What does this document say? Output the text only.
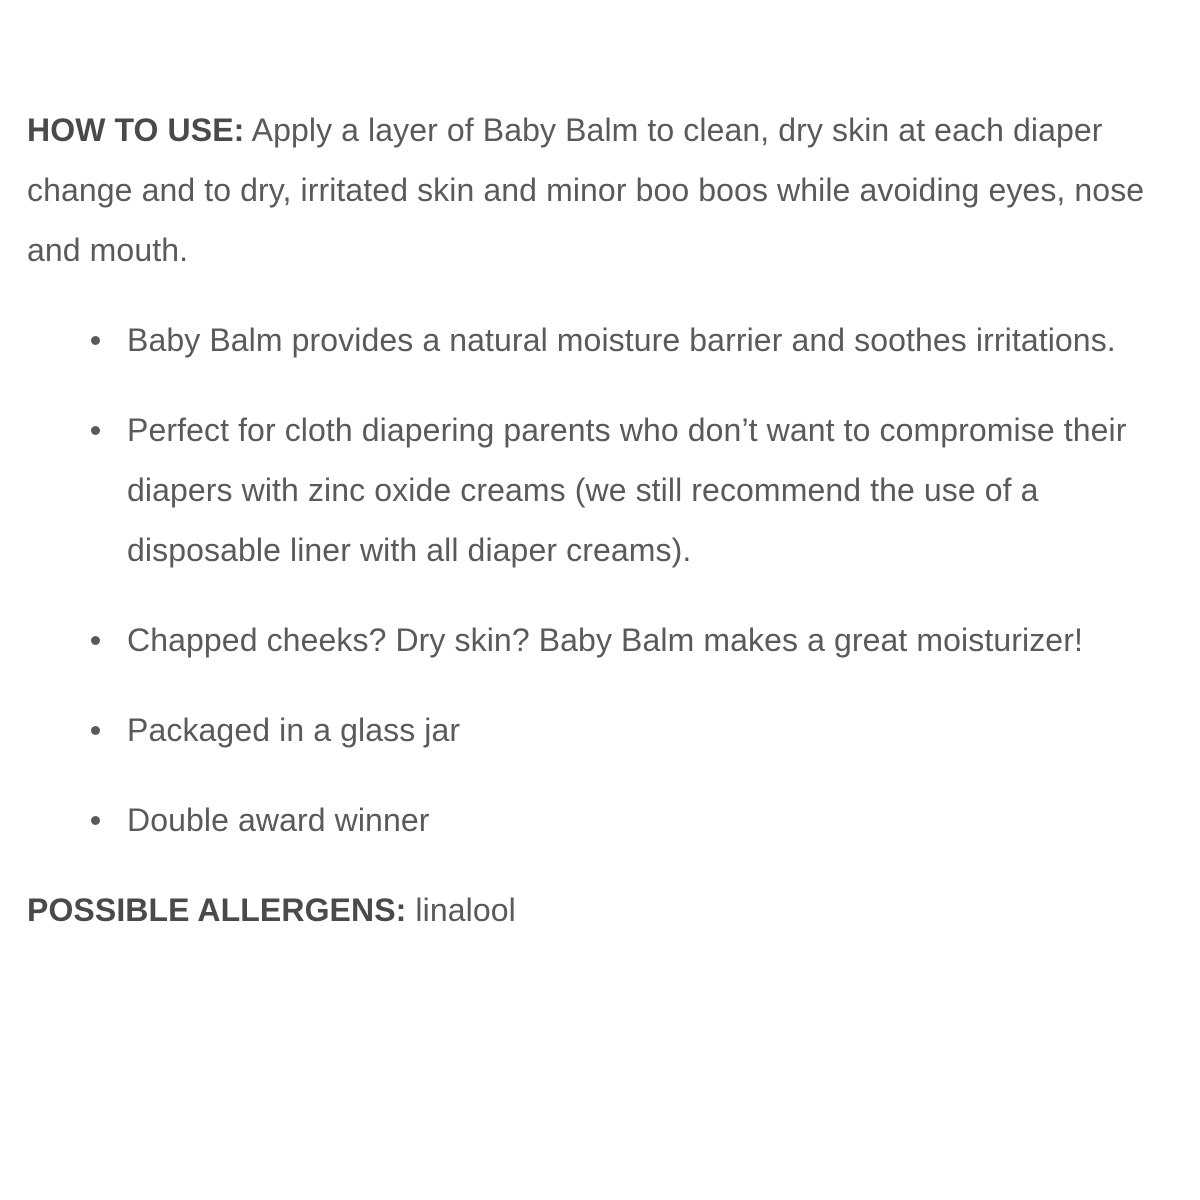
HOW TO USE: Apply a layer of Baby Balm to clean, dry skin at each diaper change and to dry, irritated skin and minor boo boos while avoiding eyes, nose and mouth.

Baby Balm provides a natural moisture barrier and soothes irritations.
Perfect for cloth diapering parents who don’t want to compromise their diapers with zinc oxide creams (we still recommend the use of a disposable liner with all diaper creams).
Chapped cheeks? Dry skin? Baby Balm makes a great moisturizer!
Packaged in a glass jar
Double award winner

POSSIBLE ALLERGENS: linalool
